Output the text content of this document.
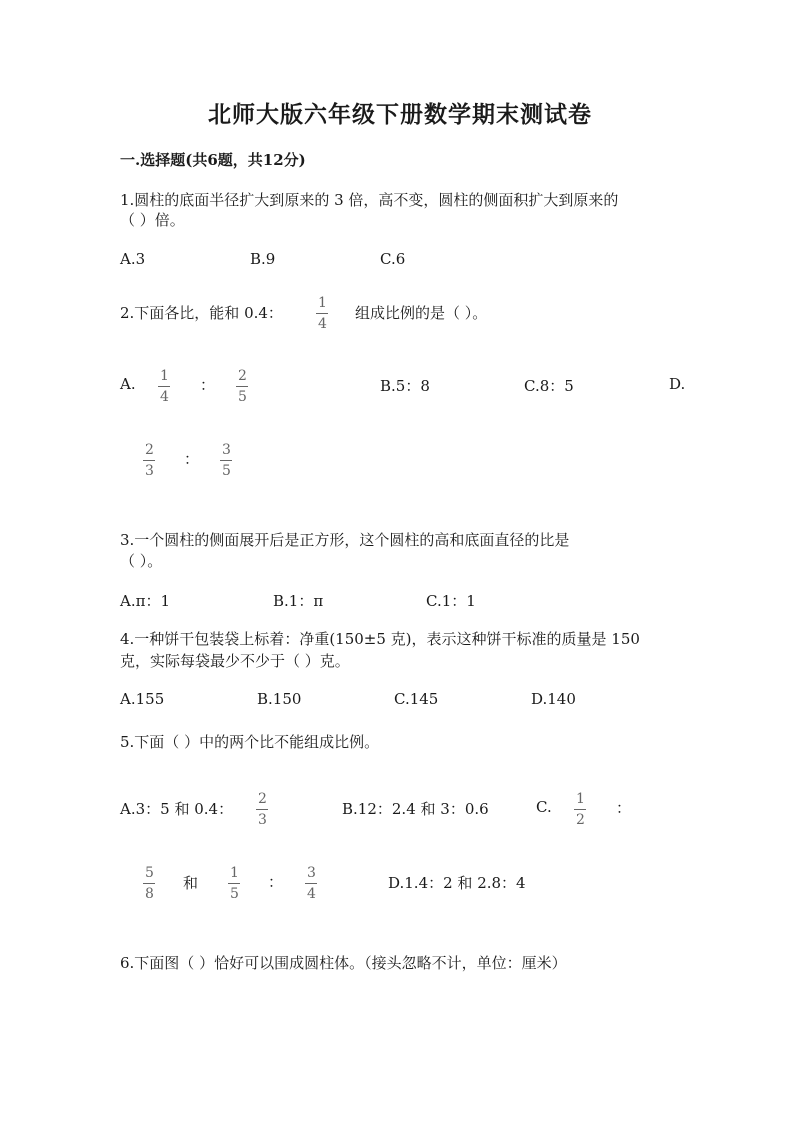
北师大版六年级下册数学期末测试卷
一.选择题(共6题，共12分)
1.圆柱的底面半径扩大到原来的 3 倍，高不变，圆柱的侧面积扩大到原来的
（ ）倍。
A.3	B.9	C.6
2.下面各比，能和 0.4：
1
4
组成比例的是（ ）。
A. 1
4
： 2
5
B.5：8	C.8：5	D.
2
3
： 3
5
3.一个圆柱的侧面展开后是正方形，这个圆柱的高和底面直径的比是
（ ）。
A.π：1	B.1：π	C.1：1
4.一种饼干包装袋上标着：净重(150±5 克)，表示这种饼干标准的质量是 150
克，实际每袋最少不少于（ ）克。
A.155	B.150	C.145	D.140
5.下面（ ）中的两个比不能组成比例。
A.3：5 和 0.4：
2
3
B.12：2.4 和 3：0.6	C. 1
2
：
5
8
和
1
5
： 3
4
D.1.4：2 和 2.8：4
6.下面图（ ）恰好可以围成圆柱体。（接头忽略不计，单位：厘米）
